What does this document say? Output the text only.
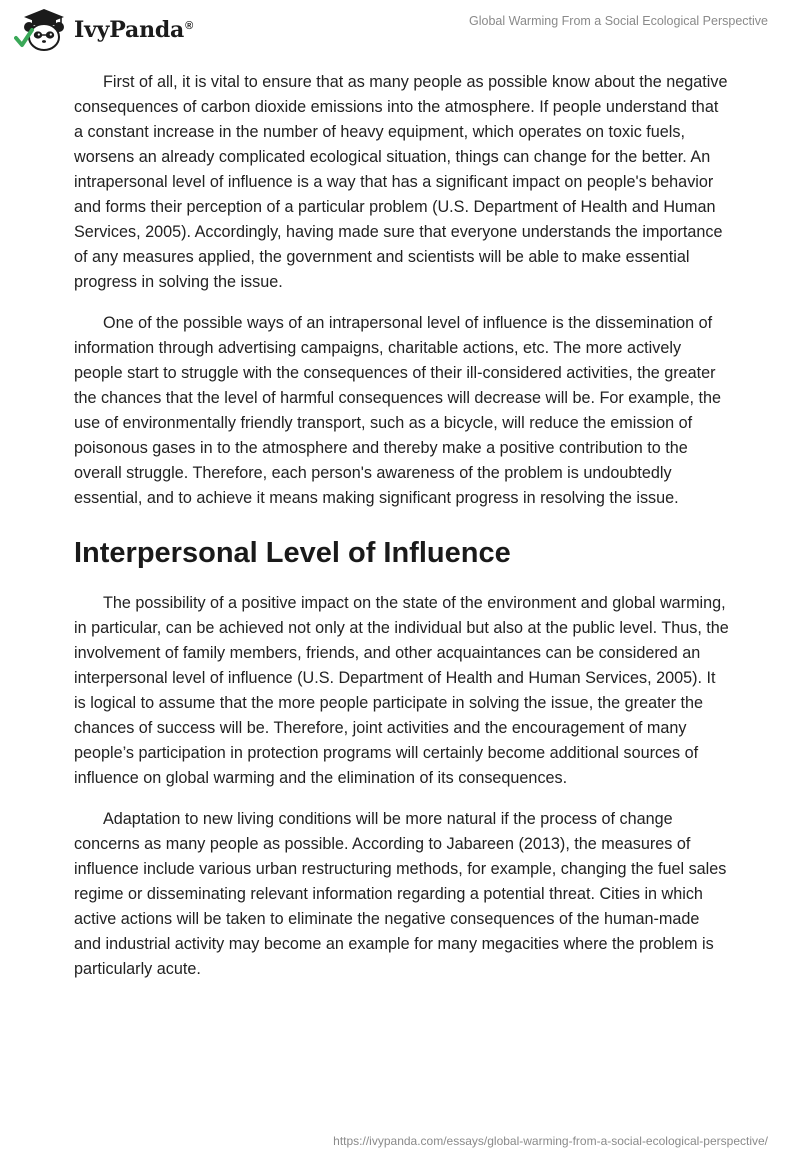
IvyPanda®	Global Warming From a Social Ecological Perspective

First of all, it is vital to ensure that as many people as possible know about the negative consequences of carbon dioxide emissions into the atmosphere. If people understand that a constant increase in the number of heavy equipment, which operates on toxic fuels, worsens an already complicated ecological situation, things can change for the better. An intrapersonal level of influence is a way that has a significant impact on people's behavior and forms their perception of a particular problem (U.S. Department of Health and Human Services, 2005). Accordingly, having made sure that everyone understands the importance of any measures applied, the government and scientists will be able to make essential progress in solving the issue.

One of the possible ways of an intrapersonal level of influence is the dissemination of information through advertising campaigns, charitable actions, etc. The more actively people start to struggle with the consequences of their ill-considered activities, the greater the chances that the level of harmful consequences will decrease will be. For example, the use of environmentally friendly transport, such as a bicycle, will reduce the emission of poisonous gases in to the atmosphere and thereby make a positive contribution to the overall struggle. Therefore, each person's awareness of the problem is undoubtedly essential, and to achieve it means making significant progress in resolving the issue.

Interpersonal Level of Influence

The possibility of a positive impact on the state of the environment and global warming, in particular, can be achieved not only at the individual but also at the public level. Thus, the involvement of family members, friends, and other acquaintances can be considered an interpersonal level of influence (U.S. Department of Health and Human Services, 2005). It is logical to assume that the more people participate in solving the issue, the greater the chances of success will be. Therefore, joint activities and the encouragement of many people’s participation in protection programs will certainly become additional sources of influence on global warming and the elimination of its consequences.

Adaptation to new living conditions will be more natural if the process of change concerns as many people as possible. According to Jabareen (2013), the measures of influence include various urban restructuring methods, for example, changing the fuel sales regime or disseminating relevant information regarding a potential threat. Cities in which active actions will be taken to eliminate the negative consequences of the human-made and industrial activity may become an example for many megacities where the problem is particularly acute.

https://ivypanda.com/essays/global-warming-from-a-social-ecological-perspective/
